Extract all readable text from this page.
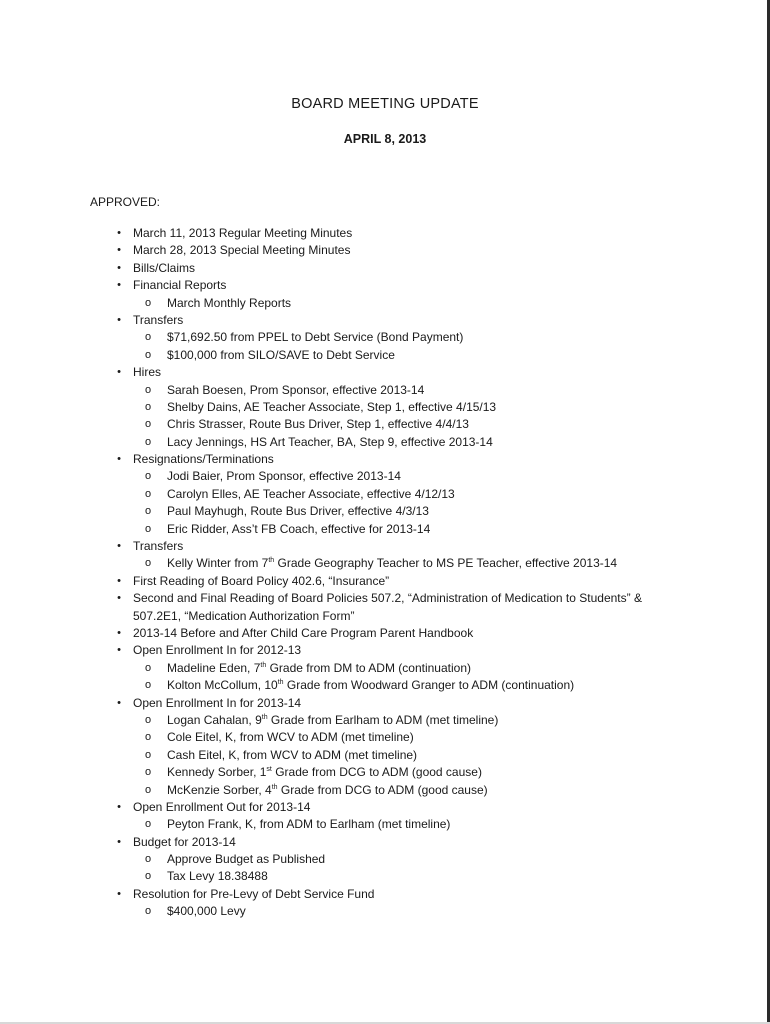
BOARD MEETING UPDATE
APRIL 8, 2013
APPROVED:
•	March 11, 2013 Regular Meeting Minutes
•	March 28, 2013 Special Meeting Minutes
•	Bills/Claims
•	Financial Reports
o March Monthly Reports
•	Transfers
o $71,692.50 from PPEL to Debt Service (Bond Payment)
o $100,000 from SILO/SAVE to Debt Service
•	Hires
o Sarah Boesen, Prom Sponsor, effective 2013-14
o Shelby Dains, AE Teacher Associate, Step 1, effective 4/15/13
o Chris Strasser, Route Bus Driver, Step 1, effective 4/4/13
o Lacy Jennings, HS Art Teacher, BA, Step 9, effective 2013-14
•	Resignations/Terminations
o Jodi Baier, Prom Sponsor, effective 2013-14
o Carolyn Elles, AE Teacher Associate, effective 4/12/13
o Paul Mayhugh, Route Bus Driver, effective 4/3/13
o Eric Ridder, Ass’t FB Coach, effective for 2013-14
•	Transfers
o Kelly Winter from 7th Grade Geography Teacher to MS PE Teacher, effective 2013-14
•	First Reading of Board Policy 402.6, “Insurance”
•	Second and Final Reading of Board Policies 507.2, “Administration of Medication to Students” &
507.2E1, “Medication Authorization Form”
•	2013-14 Before and After Child Care Program Parent Handbook
•	Open Enrollment In for 2012-13
o Madeline Eden, 7th Grade from DM to ADM (continuation)
o Kolton McCollum, 10th Grade from Woodward Granger to ADM (continuation)
•	Open Enrollment In for 2013-14
o Logan Cahalan, 9th Grade from Earlham to ADM (met timeline)
o Cole Eitel, K, from WCV to ADM (met timeline)
o Cash Eitel, K, from WCV to ADM (met timeline)
o Kennedy Sorber, 1st Grade from DCG to ADM (good cause)
o McKenzie Sorber, 4th Grade from DCG to ADM (good cause)
•	Open Enrollment Out for 2013-14
o Peyton Frank, K, from ADM to Earlham (met timeline)
•	Budget for 2013-14
o Approve Budget as Published
o Tax Levy 18.38488
•	Resolution for Pre-Levy of Debt Service Fund
o $400,000 Levy
